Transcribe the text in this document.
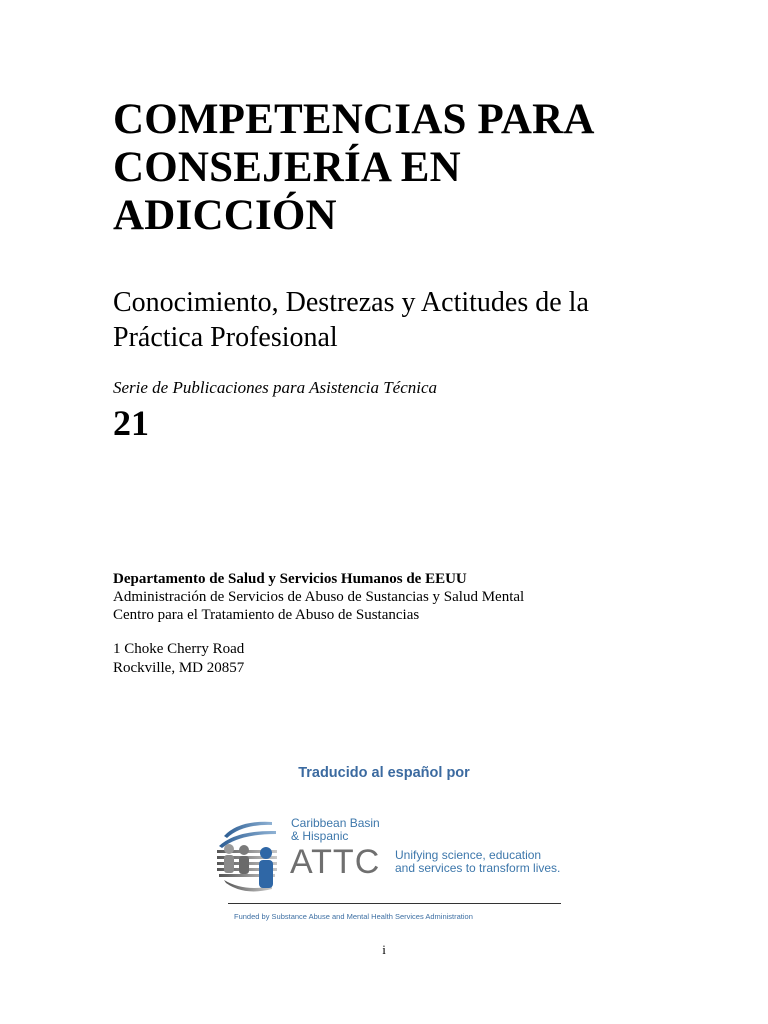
COMPETENCIAS PARA
CONSEJERÍA EN
ADICCIÓN
Conocimiento, Destrezas y Actitudes de la
Práctica Profesional

Serie de Publicaciones para Asistencia Técnica

21

Departamento de Salud y Servicios Humanos de EEUU
Administración de Servicios de Abuso de Sustancias y Salud Mental
Centro para el Tratamiento de Abuso de Sustancias
1 Choke Cherry Road
Rockville, MD 20857
Traducido al español por
Caribbean Basin
& Hispanic
ATTC Unifying science, education
and services to transform lives.
Funded by Substance Abuse and Mental Health Services Administration
i
